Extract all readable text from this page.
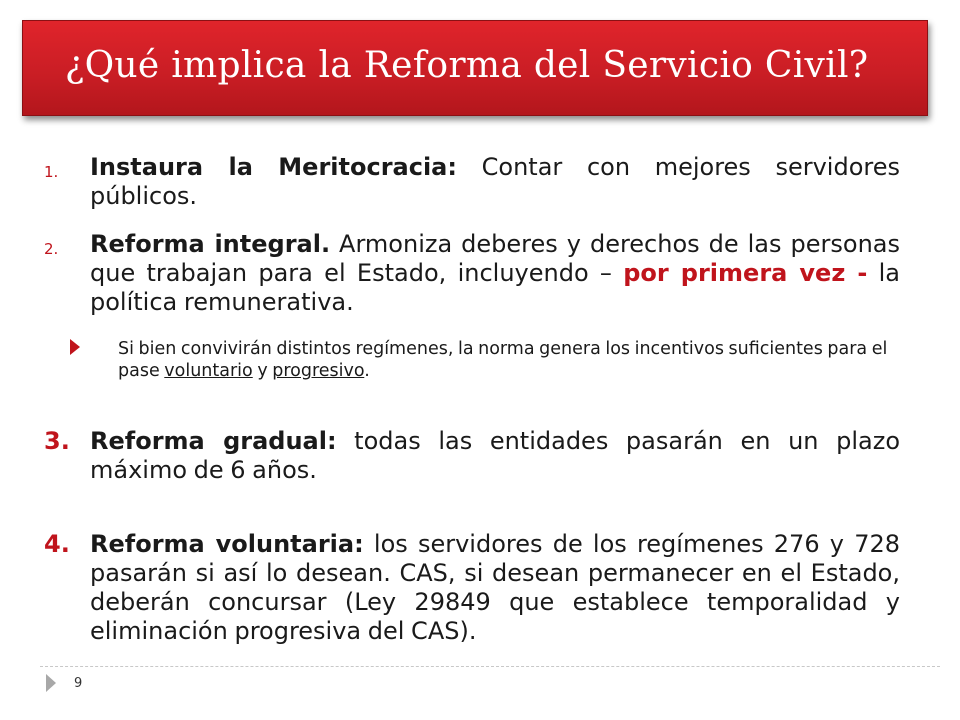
¿Qué implica la Reforma del Servicio Civil?
1. Instaura la Meritocracia: Contar con mejores servidores públicos.
2. Reforma integral. Armoniza deberes y derechos de las personas que trabajan para el Estado, incluyendo – por primera vez - la política remunerativa.
Si bien convivirán distintos regímenes, la norma genera los incentivos suficientes para el pase voluntario y progresivo.
3. Reforma gradual: todas las entidades pasarán en un plazo máximo de 6 años.
4. Reforma voluntaria: los servidores de los regímenes 276 y 728 pasarán si así lo desean. CAS, si desean permanecer en el Estado, deberán concursar (Ley 29849 que establece temporalidad y eliminación progresiva del CAS).
9
